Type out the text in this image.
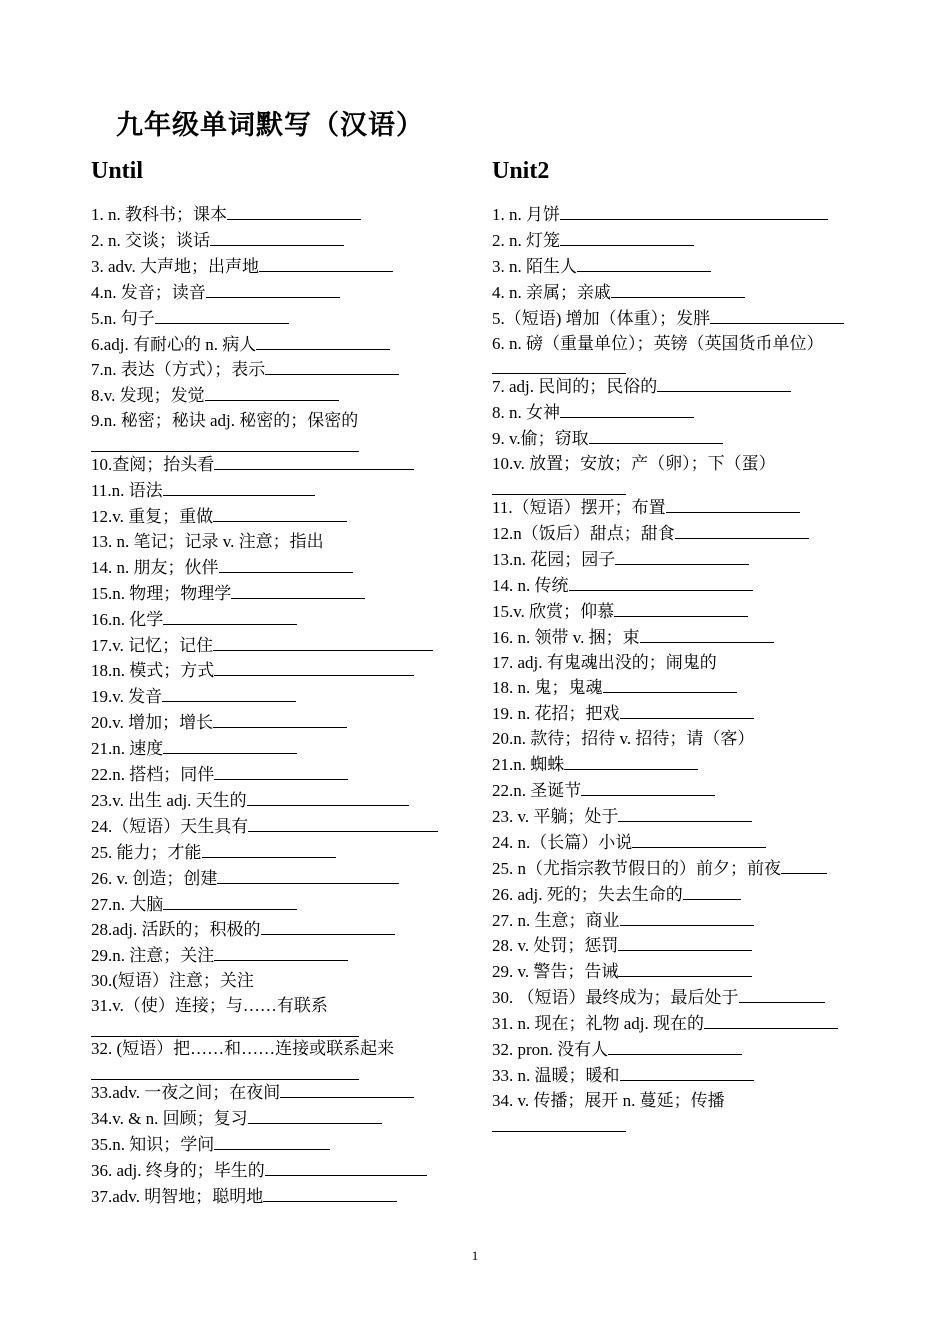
九年级单词默写（汉语）
Until
1. n. 教科书；课本
2. n. 交谈；谈话
3. adv. 大声地；出声地
4.n. 发音；读音
5.n. 句子
6.adj. 有耐心的 n. 病人
7.n. 表达（方式）；表示
8.v. 发现；发觉
9.n. 秘密；秘诀 adj. 秘密的；保密的
10.查阅；抬头看
11.n. 语法
12.v. 重复；重做
13. n. 笔记；记录 v. 注意；指出
14. n. 朋友；伙伴
15.n. 物理；物理学
16.n. 化学
17.v. 记忆；记住
18.n. 模式；方式
19.v. 发音
20.v. 增加；增长
21.n. 速度
22.n. 搭档；同伴
23.v. 出生 adj. 天生的
24.（短语）天生具有
25. 能力；才能
26. v. 创造；创建
27.n. 大脑
28.adj. 活跃的；积极的
29.n. 注意；关注
30.(短语）注意；关注
31.v.（使）连接；与……有联系
32. (短语）把……和……连接或联系起来
33.adv. 一夜之间；在夜间
34.v. & n. 回顾；复习
35.n. 知识；学问
36. adj. 终身的；毕生的
37.adv. 明智地；聪明地
Unit2
1. n. 月饼
2. n. 灯笼
3. n. 陌生人
4. n. 亲属；亲戚
5.（短语) 增加（体重）；发胖
6. n. 磅（重量单位）；英镑（英国货币单位）
7. adj. 民间的；民俗的
8. n. 女神
9. v.偷；窃取
10.v. 放置；安放；产（卵）；下（蛋）
11.（短语）摆开；布置
12.n（饭后）甜点；甜食
13.n. 花园；园子
14. n. 传统
15.v. 欣赏；仰慕
16. n. 领带 v. 捆；束
17. adj. 有鬼魂出没的；闹鬼的
18. n. 鬼；鬼魂
19. n. 花招；把戏
20.n. 款待；招待 v. 招待；请（客）
21.n. 蜘蛛
22.n. 圣诞节
23. v. 平躺；处于
24. n.（长篇）小说
25. n（尤指宗教节假日的）前夕；前夜
26. adj. 死的；失去生命的
27. n. 生意；商业
28. v. 处罚；惩罚
29. v. 警告；告诫
30. （短语）最终成为；最后处于
31. n. 现在；礼物 adj. 现在的
32. pron. 没有人
33. n. 温暖；暖和
34. v. 传播；展开 n. 蔓延；传播
1
